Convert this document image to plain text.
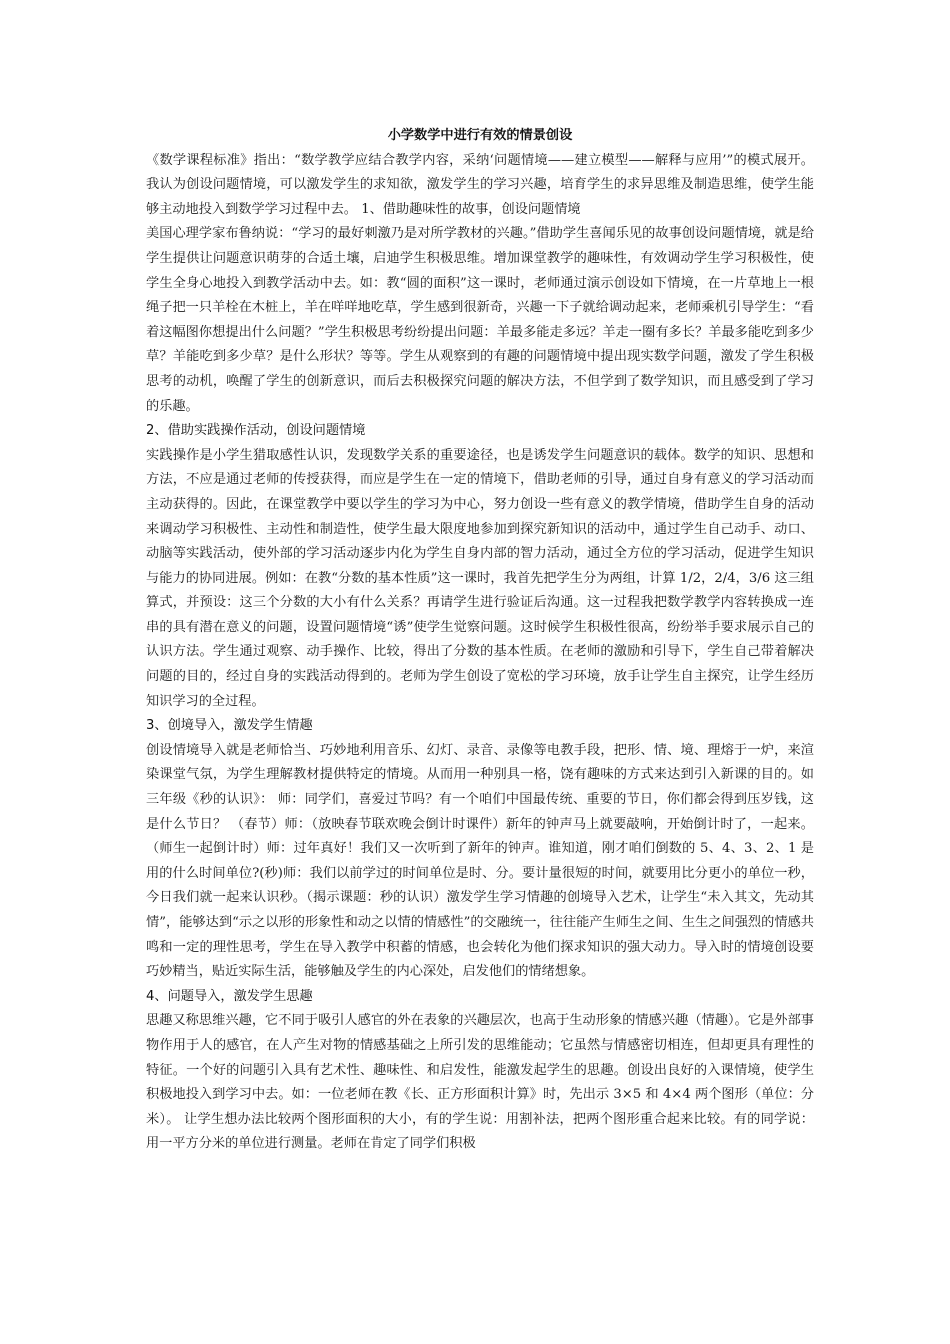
小学数学中进行有效的情景创设

《数学课程标准》指出：“数学教学应结合教学内容，采纳‘问题情境——建立模型——解释与应用’”的模式展开。我认为创设问题情境，可以激发学生的求知欲，激发学生的学习兴趣，培育学生的求异思维及制造思维，使学生能够主动地投入到数学学习过程中去。 1、借助趣味性的故事，创设问题情境

美国心理学家布鲁纳说：“学习的最好刺激乃是对所学教材的兴趣。”借助学生喜闻乐见的故事创设问题情境，就是给学生提供让问题意识萌芽的合适土壤，启迪学生积极思维。增加课堂教学的趣味性，有效调动学生学习积极性，使学生全身心地投入到教学活动中去。如：教“圆的面积”这一课时，老师通过演示创设如下情境，在一片草地上一根绳子把一只羊栓在木桩上，羊在咩咩地吃草，学生感到很新奇，兴趣一下子就给调动起来，老师乘机引导学生：“看着这幅图你想提出什么问题？”学生积极思考纷纷提出问题：羊最多能走多远？羊走一圈有多长？羊最多能吃到多少草？羊能吃到多少草？是什么形状？等等。学生从观察到的有趣的问题情境中提出现实数学问题，激发了学生积极思考的动机，唤醒了学生的创新意识，而后去积极探究问题的解决方法，不但学到了数学知识，而且感受到了学习的乐趣。

2、借助实践操作活动，创设问题情境

实践操作是小学生猎取感性认识，发现数学关系的重要途径，也是诱发学生问题意识的载体。数学的知识、思想和方法，不应是通过老师的传授获得，而应是学生在一定的情境下，借助老师的引导，通过自身有意义的学习活动而主动获得的。因此，在课堂教学中要以学生的学习为中心，努力创设一些有意义的教学情境，借助学生自身的活动来调动学习积极性、主动性和制造性，使学生最大限度地参加到探究新知识的活动中，通过学生自己动手、动口、动脑等实践活动，使外部的学习活动逐步内化为学生自身内部的智力活动，通过全方位的学习活动，促进学生知识与能力的协同进展。例如：在教“分数的基本性质”这一课时，我首先把学生分为两组，计算 1/2，2/4，3/6 这三组算式，并预设：这三个分数的大小有什么关系？再请学生进行验证后沟通。这一过程我把数学教学内容转换成一连串的具有潜在意义的问题，设置问题情境“诱”使学生觉察问题。这时候学生积极性很高，纷纷举手要求展示自己的认识方法。学生通过观察、动手操作、比较，得出了分数的基本性质。在老师的激励和引导下，学生自己带着解决问题的目的，经过自身的实践活动得到的。老师为学生创设了宽松的学习环境，放手让学生自主探究，让学生经历知识学习的全过程。

3、创境导入，激发学生情趣

创设情境导入就是老师恰当、巧妙地利用音乐、幻灯、录音、录像等电教手段，把形、情、境、理熔于一炉，来渲染课堂气氛，为学生理解教材提供特定的情境。从而用一种别具一格，饶有趣味的方式来达到引入新课的目的。如三年级《秒的认识》： 师：同学们，喜爱过节吗？有一个咱们中国最传统、重要的节日，你们都会得到压岁钱，这是什么节日？ （春节）师：（放映春节联欢晚会倒计时课件）新年的钟声马上就要敲响，开始倒计时了，一起来。（师生一起倒计时）师：过年真好！我们又一次听到了新年的钟声。谁知道，刚才咱们倒数的 5、4、3、2、1 是用的什么时间单位?(秒)师：我们以前学过的时间单位是时、分。要计量很短的时间，就要用比分更小的单位一秒，今日我们就一起来认识秒。（揭示课题：秒的认识）激发学生学习情趣的创境导入艺术，让学生“未入其文，先动其情”，能够达到“示之以形的形象性和动之以情的情感性”的交融统一，往往能产生师生之间、生生之间强烈的情感共鸣和一定的理性思考，学生在导入教学中积蓄的情感，也会转化为他们探求知识的强大动力。导入时的情境创设要巧妙精当，贴近实际生活，能够触及学生的内心深处，启发他们的情绪想象。

4、问题导入，激发学生思趣

思趣又称思维兴趣，它不同于吸引人感官的外在表象的兴趣层次，也高于生动形象的情感兴趣（情趣）。它是外部事物作用于人的感官，在人产生对物的情感基础之上所引发的思维能动；它虽然与情感密切相连，但却更具有理性的特征。一个好的问题引入具有艺术性、趣味性、和启发性，能激发起学生的思趣。创设出良好的入课情境，使学生积极地投入到学习中去。如：一位老师在教《长、正方形面积计算》时，先出示 3×5 和 4×4 两个图形（单位：分米）。 让学生想办法比较两个图形面积的大小，有的学生说：用割补法，把两个图形重合起来比较。有的同学说：用一平方分米的单位进行测量。老师在肯定了同学们积极
